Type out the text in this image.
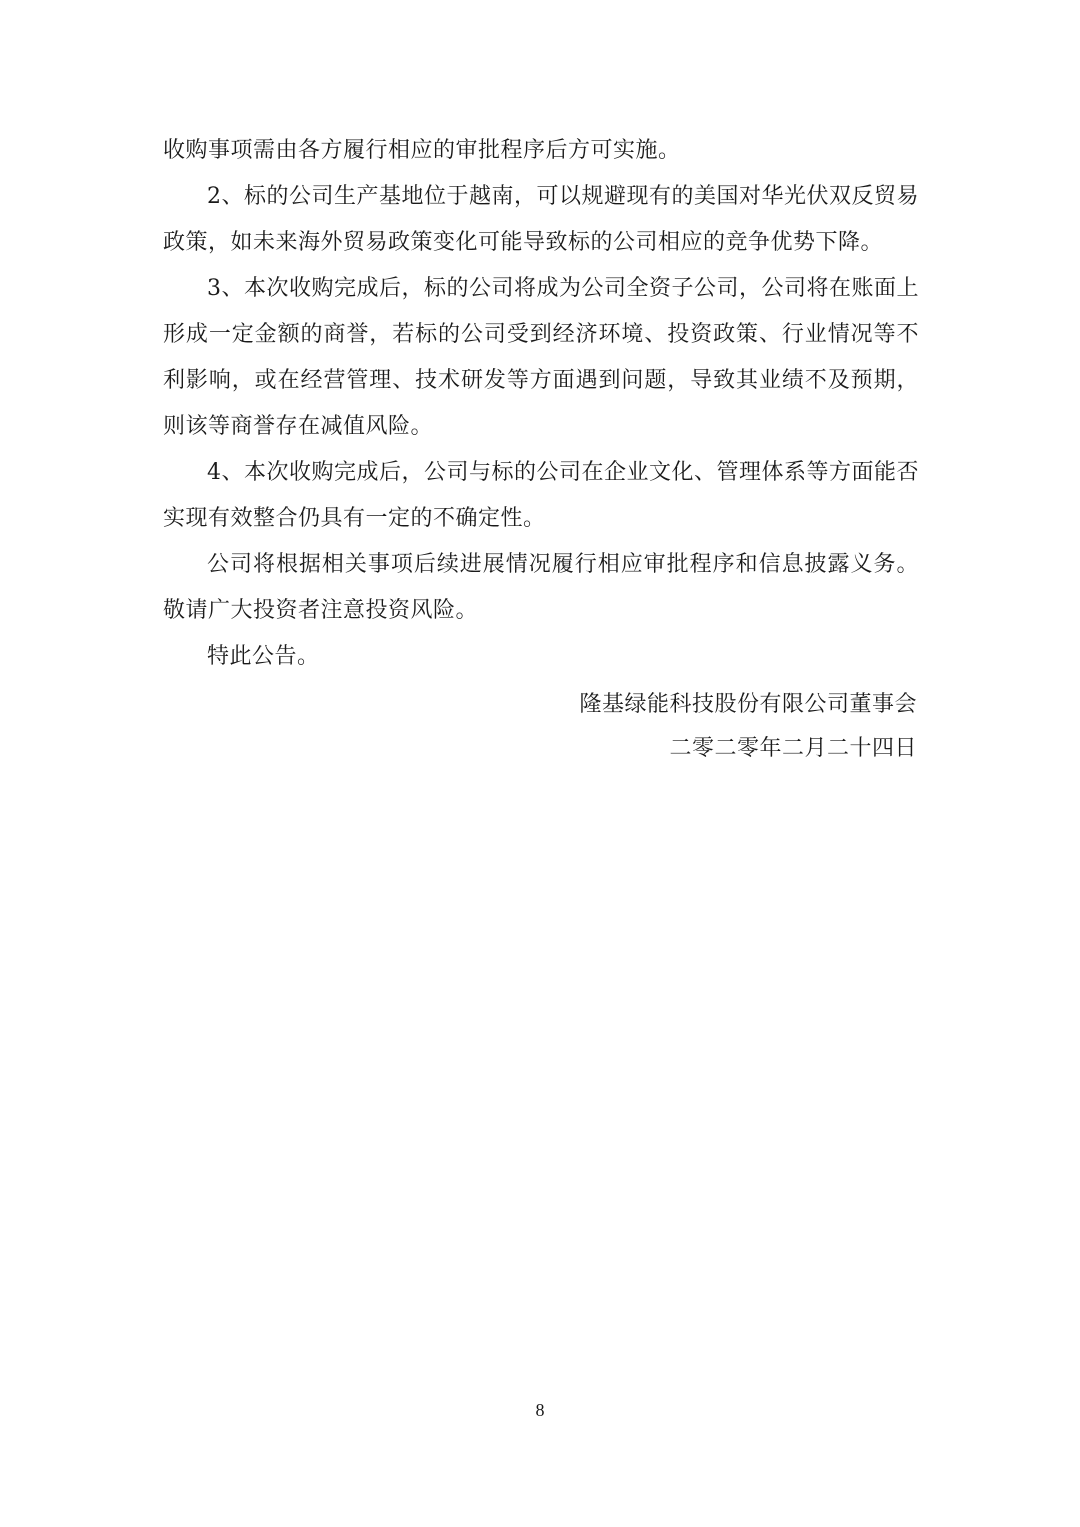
收购事项需由各方履行相应的审批程序后方可实施。

2、标的公司生产基地位于越南，可以规避现有的美国对华光伏双反贸易政策，如未来海外贸易政策变化可能导致标的公司相应的竞争优势下降。

3、本次收购完成后，标的公司将成为公司全资子公司，公司将在账面上形成一定金额的商誉，若标的公司受到经济环境、投资政策、行业情况等不利影响，或在经营管理、技术研发等方面遇到问题，导致其业绩不及预期，则该等商誉存在减值风险。

4、本次收购完成后，公司与标的公司在企业文化、管理体系等方面能否实现有效整合仍具有一定的不确定性。

公司将根据相关事项后续进展情况履行相应审批程序和信息披露义务。敬请广大投资者注意投资风险。

特此公告。

隆基绿能科技股份有限公司董事会

二零二零年二月二十四日

8
